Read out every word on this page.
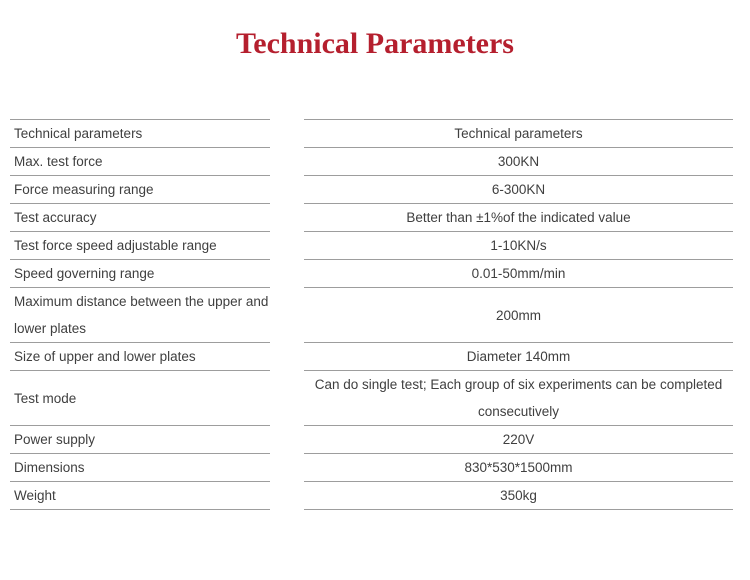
Technical Parameters
Technical parameters		Technical parameters
Max. test force		300KN
Force measuring range		6-300KN
Test accuracy		Better than ±1%of the indicated value
Test force speed adjustable range		1-10KN/s
Speed governing range		0.01-50mm/min
Maximum distance between the upper and lower plates		200mm
Size of upper and lower plates		Diameter 140mm
Test mode		Can do single test; Each group of six experiments can be completed consecutively
Power supply		220V
Dimensions		830*530*1500mm
Weight		350kg
